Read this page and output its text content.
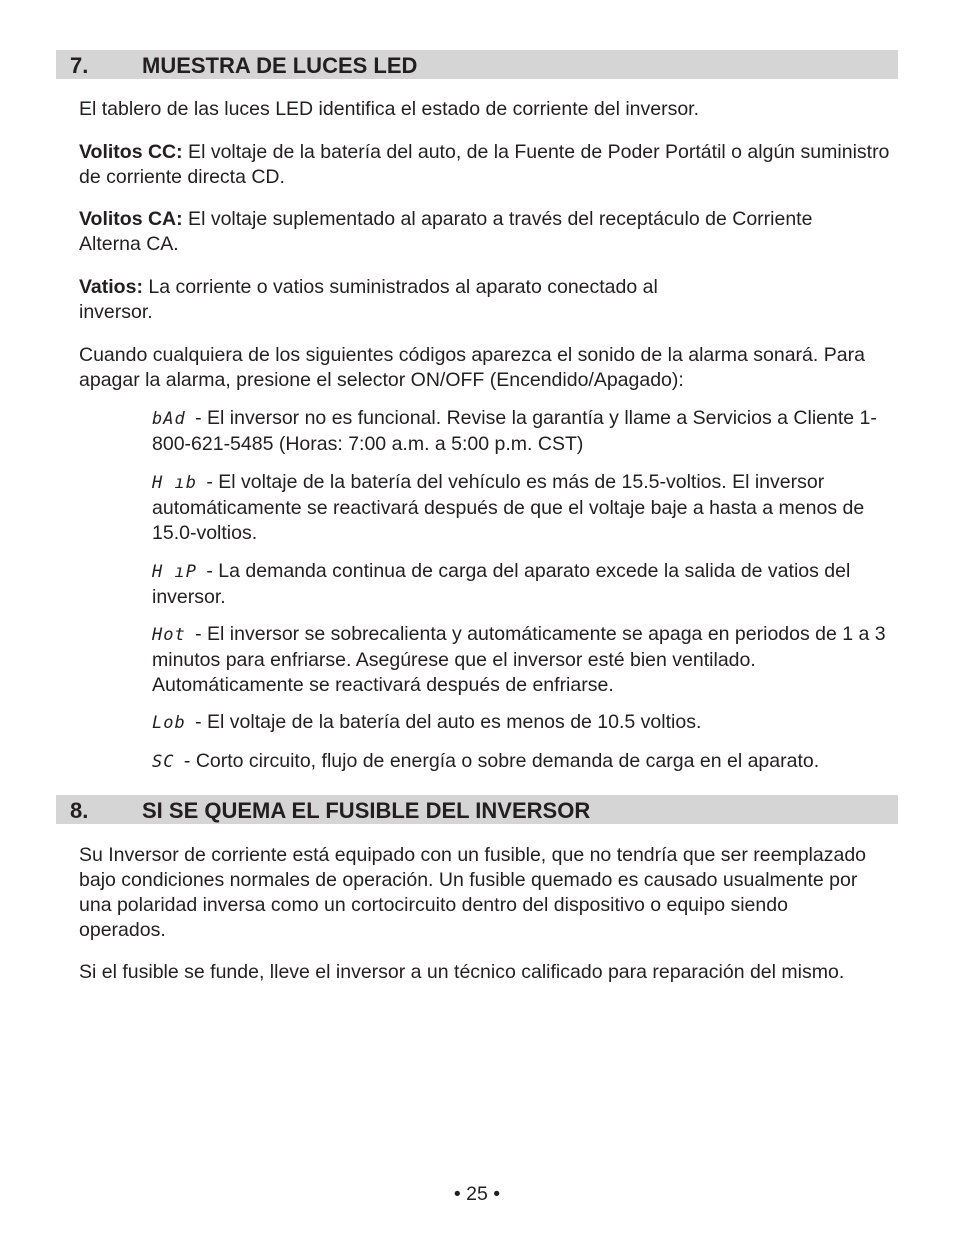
7. MUESTRA DE LUCES LED

El tablero de las luces LED identifica el estado de corriente del inversor.

Volitos CC: El voltaje de la batería del auto, de la Fuente de Poder Portátil o algún suministro de corriente directa CD.

Volitos CA: El voltaje suplementado al aparato a través del receptáculo de Corriente Alterna CA.

Vatios: La corriente o vatios suministrados al aparato conectado al
inversor.

Cuando cualquiera de los siguientes códigos aparezca el sonido de la alarma sonará. Para apagar la alarma, presione el selector ON/OFF (Encendido/Apagado):

bAd - El inversor no es funcional. Revise la garantía y llame a Servicios a Cliente 1-800-621-5485 (Horas: 7:00 a.m. a 5:00 p.m. CST)

H ıb - El voltaje de la batería del vehículo es más de 15.5-voltios. El inversor automáticamente se reactivará después de que el voltaje baje a hasta a menos de 15.0-voltios.

H ıP - La demanda continua de carga del aparato excede la salida de vatios del inversor.

Hot - El inversor se sobrecalienta y automáticamente se apaga en periodos de 1 a 3 minutos para enfriarse. Asegúrese que el inversor esté bien ventilado. Automáticamente se reactivará después de enfriarse.

Lob - El voltaje de la batería del auto es menos de 10.5 voltios.

SC - Corto circuito, flujo de energía o sobre demanda de carga en el aparato.

8. SI SE QUEMA EL FUSIBLE DEL INVERSOR

Su Inversor de corriente está equipado con un fusible, que no tendría que ser reemplazado bajo condiciones normales de operación. Un fusible quemado es causado usualmente por una polaridad inversa como un cortocircuito dentro del dispositivo o equipo siendo operados.

Si el fusible se funde, lleve el inversor a un técnico calificado para reparación del mismo.

• 25 •
